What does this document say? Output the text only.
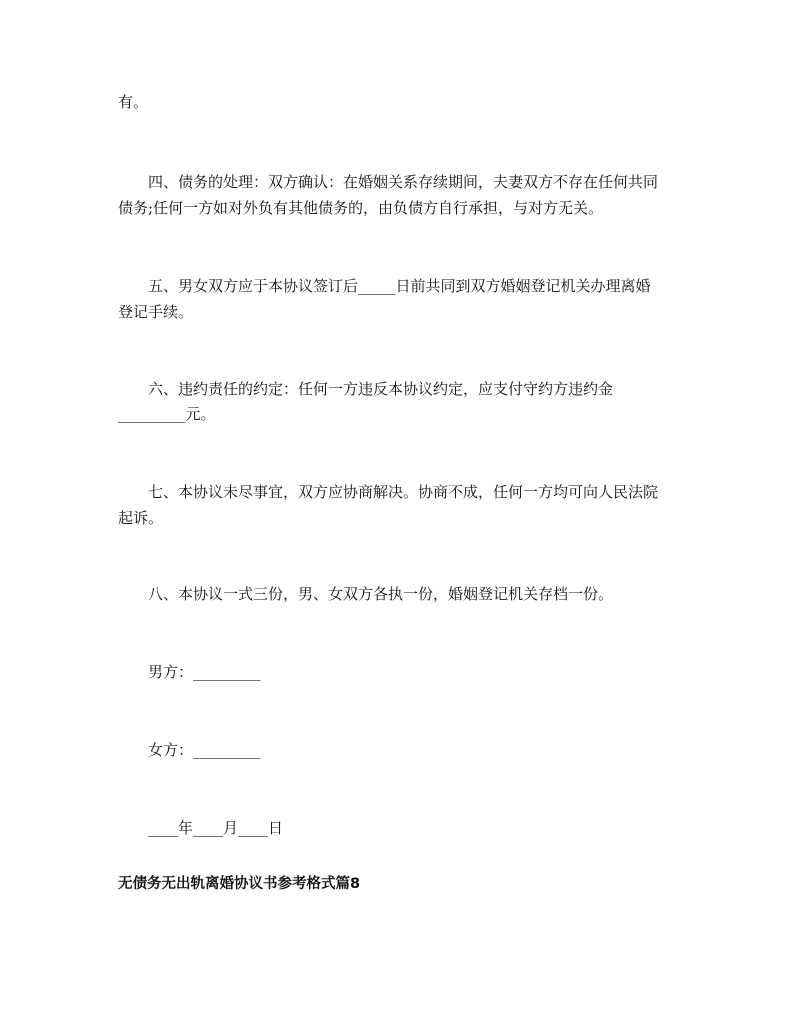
有。

四、债务的处理：双方确认：在婚姻关系存续期间，夫妻双方不存在任何共同

债务;任何一方如对外负有其他债务的，由负债方自行承担，与对方无关。

五、男女双方应于本协议签订后_____日前共同到双方婚姻登记机关办理离婚

登记手续。

六、违约责任的约定：任何一方违反本协议约定，应支付守约方违约金

_________元。

七、本协议未尽事宜，双方应协商解决。协商不成，任何一方均可向人民法院

起诉。

八、本协议一式三份，男、女双方各执一份，婚姻登记机关存档一份。

男方：_________

女方：_________

____年____月____日

无债务无出轨离婚协议书参考格式篇8
